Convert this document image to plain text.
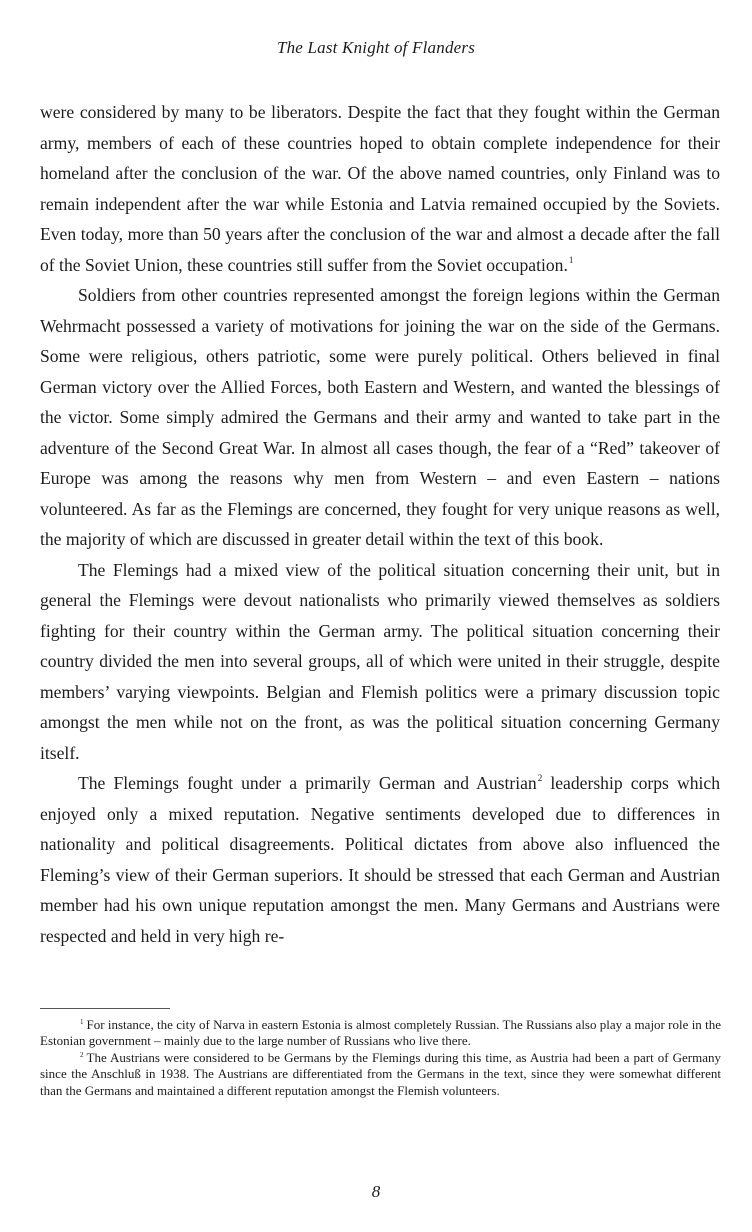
The Last Knight of Flanders

were considered by many to be liberators. Despite the fact that they fought within the German army, members of each of these countries hoped to obtain complete independence for their homeland after the conclusion of the war. Of the above named countries, only Finland was to remain independent after the war while Estonia and Latvia remained occupied by the Soviets. Even today, more than 50 years after the conclusion of the war and almost a decade after the fall of the Soviet Union, these countries still suffer from the Soviet occupation.$^1$

Soldiers from other countries represented amongst the foreign legions within the German Wehrmacht possessed a variety of motivations for joining the war on the side of the Germans. Some were religious, others patriotic, some were purely political. Others believed in final German victory over the Allied Forces, both Eastern and Western, and wanted the blessings of the victor. Some simply admired the Germans and their army and wanted to take part in the adventure of the Second Great War. In almost all cases though, the fear of a “Red” takeover of Europe was among the reasons why men from Western – and even Eastern – nations volunteered. As far as the Flemings are concerned, they fought for very unique reasons as well, the majority of which are discussed in greater detail within the text of this book.

The Flemings had a mixed view of the political situation concerning their unit, but in general the Flemings were devout nationalists who primarily viewed themselves as soldiers fighting for their country within the German army. The political situation concerning their country divided the men into several groups, all of which were united in their struggle, despite members’ varying viewpoints. Belgian and Flemish politics were a primary discussion topic amongst the men while not on the front, as was the political situation concerning Germany itself.

The Flemings fought under a primarily German and Austrian$^2$ leadership corps which enjoyed only a mixed reputation. Negative sentiments developed due to differences in nationality and political disagreements. Political dictates from above also influenced the Fleming’s view of their German superiors. It should be stressed that each German and Austrian member had his own unique reputation amongst the men. Many Germans and Austrians were respected and held in very high re-

$^1$ For instance, the city of Narva in eastern Estonia is almost completely Russian. The Russians also play a major role in the Estonian government – mainly due to the large number of Russians who live there.

$^2$ The Austrians were considered to be Germans by the Flemings during this time, as Austria had been a part of Germany since the Anschluß in 1938. The Austrians are differentiated from the Germans in the text, since they were somewhat different than the Germans and maintained a different reputation amongst the Flemish volunteers.

8
